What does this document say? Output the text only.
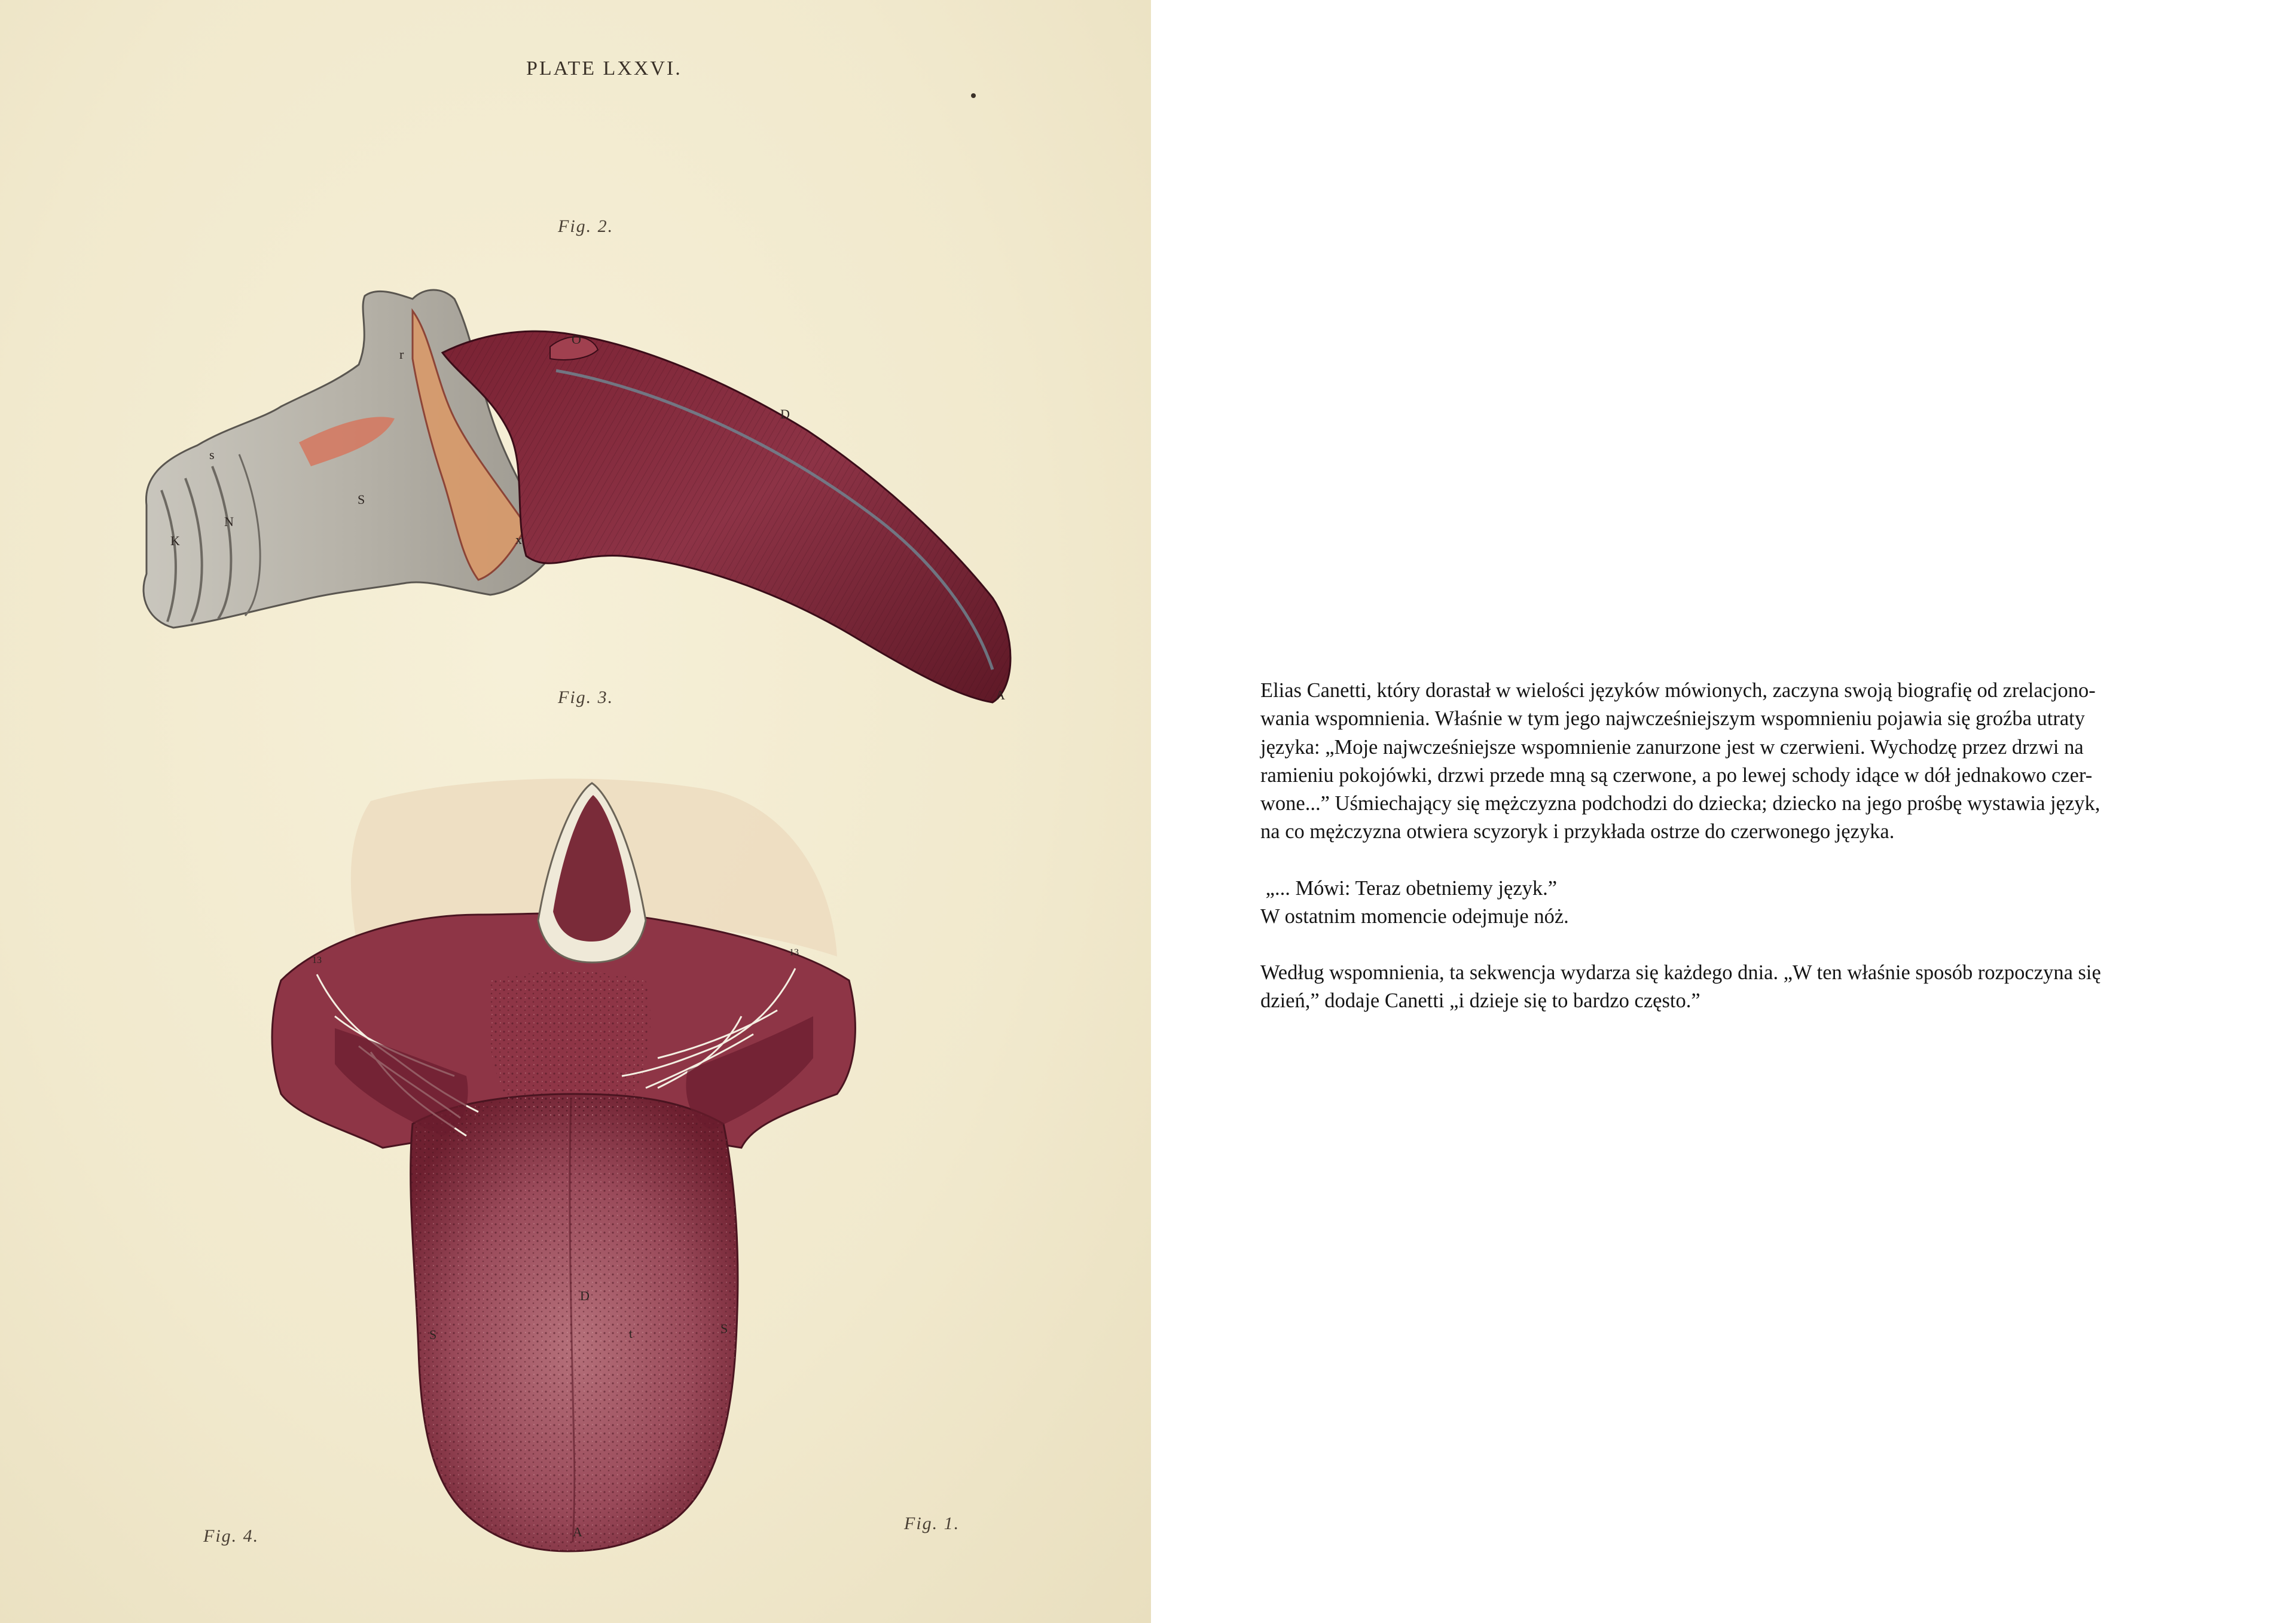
PLATE LXXVI.
Fig. 2.
Fig. 3.
Fig. 4.
Fig. 1.
K
N
S
s
x
r
O
D
A
D
S	S
A
t
13
13

Elias Canetti, który dorastał w wielości języków mówionych, zaczyna swoją biografię od zrelacjono-
wania wspomnienia. Właśnie w tym jego najwcześniejszym wspomnieniu pojawia się groźba utraty
języka: „Moje najwcześniejsze wspomnienie zanurzone jest w czerwieni. Wychodzę przez drzwi na
ramieniu pokojówki, drzwi przede mną są czerwone, a po lewej schody idące w dół jednakowo czer-
wone...” Uśmiechający się mężczyzna podchodzi do dziecka; dziecko na jego prośbę wystawia język,
na co mężczyzna otwiera scyzoryk i przykłada ostrze do czerwonego języka.

„... Mówi: Teraz obetniemy język.”
W ostatnim momencie odejmuje nóż.

Według wspomnienia, ta sekwencja wydarza się każdego dnia. „W ten właśnie sposób rozpoczyna się
dzień,” dodaje Canetti „i dzieje się to bardzo często.”
